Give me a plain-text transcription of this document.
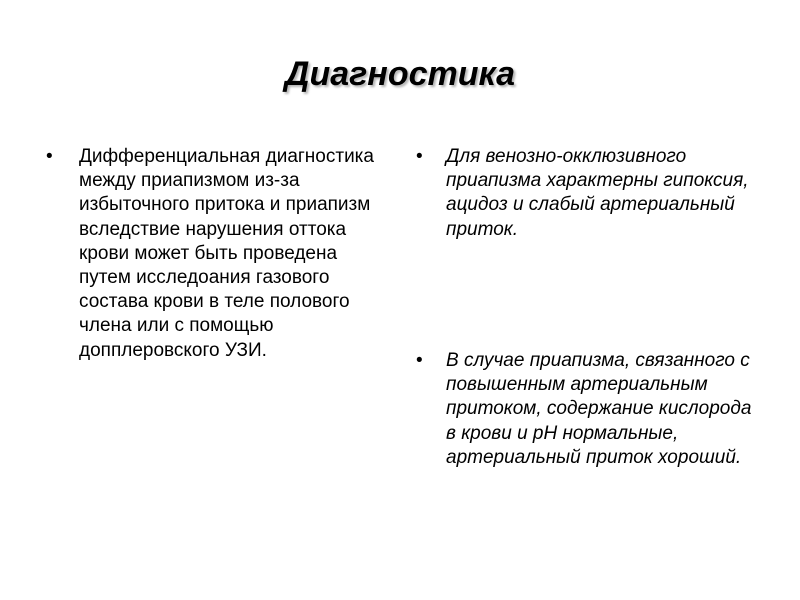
Диагностика
•	Дифференциальная диагностика между приапизмом из-за избыточного притока и приапизм вследствие нарушения оттока крови может быть проведена путем исследоания газового состава крови в теле полового члена или с помощью допплеровского УЗИ.
•	Для венозно-окклюзивного приапизма характерны гипоксия, ацидоз и слабый артериальный приток.
•	В случае приапизма, связанного с повышенным артериальным притоком, содержание кислорода в крови и pH нормальные, артериальный приток хороший.
